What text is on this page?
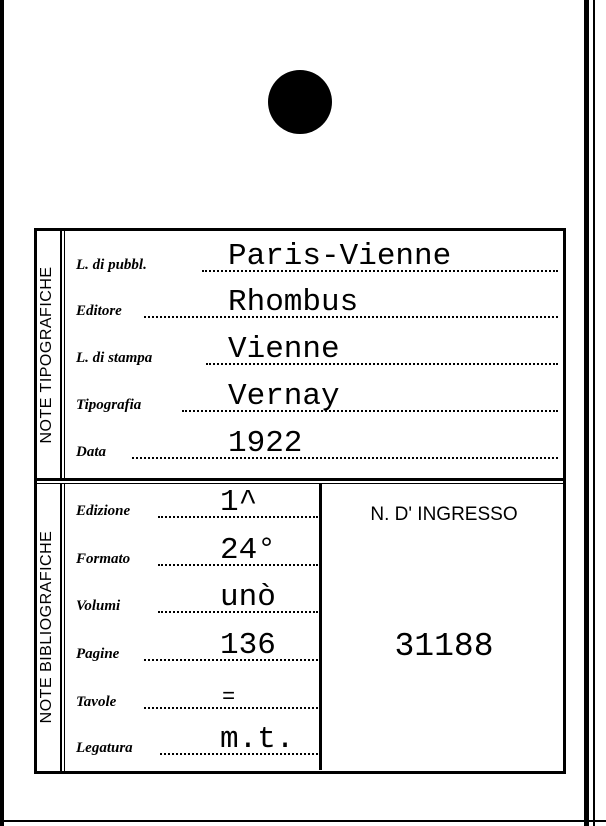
NOTE TIPOGRAFICHE
NOTE BIBLIOGRAFICHE
L. di pubbl.	Paris-Vienne
Editore	Rhombus
L. di stampa Vienne
Tipografia	Vernay
Data	1922
Edizione	1^
Formato	24°
Volumi	unò
Pagine	136
Tavole	=
Legatura	m.t.
N. D' INGRESSO
31188
